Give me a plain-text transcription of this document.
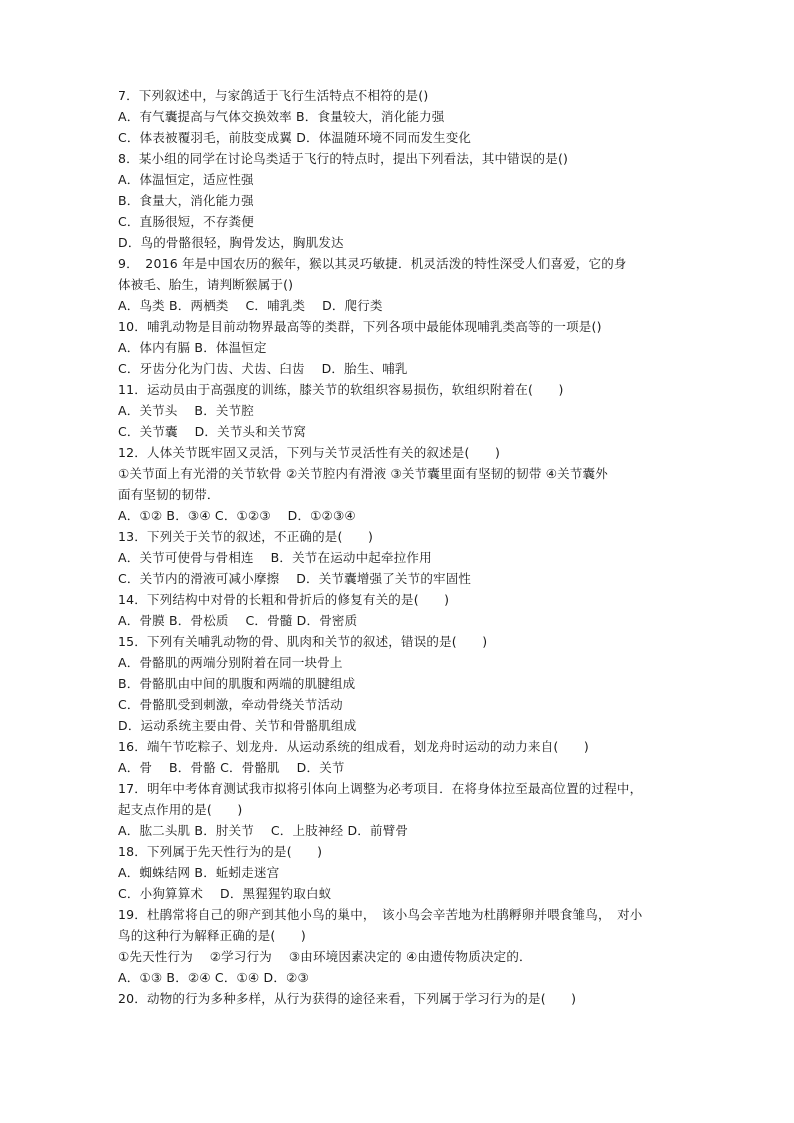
7．下列叙述中，与家鸽适于飞行生活特点不相符的是()
A．有气囊提高与气体交换效率 B．食量较大，消化能力强
C．体表被覆羽毛，前肢变成翼 D．体温随环境不同而发生变化
8．某小组的同学在讨论鸟类适于飞行的特点时，提出下列看法，其中错误的是()
A．体温恒定，适应性强
B．食量大，消化能力强
C．直肠很短，不存粪便
D．鸟的骨骼很轻，胸骨发达，胸肌发达
9．　2016 年是中国农历的猴年，猴以其灵巧敏捷．机灵活泼的特性深受人们喜爱，它的身
体被毛、胎生，请判断猴属于()
A．鸟类 B．两栖类　 C．哺乳类　 D．爬行类
10．哺乳动物是目前动物界最高等的类群，下列各项中最能体现哺乳类高等的一项是()
A．体内有膈 B．体温恒定
C．牙齿分化为门齿、犬齿、臼齿　 D．胎生、哺乳
11．运动员由于高强度的训练，膝关节的软组织容易损伤，软组织附着在(　　)
A．关节头　 B．关节腔
C．关节囊　 D．关节头和关节窝
12．人体关节既牢固又灵活，下列与关节灵活性有关的叙述是(　　)
①关节面上有光滑的关节软骨 ②关节腔内有滑液 ③关节囊里面有坚韧的韧带 ④关节囊外
面有坚韧的韧带．
A．①② B．③④ C．①②③　 D．①②③④
13．下列关于关节的叙述，不正确的是(　　)
A．关节可使骨与骨相连　 B．关节在运动中起牵拉作用
C．关节内的滑液可减小摩擦　 D．关节囊增强了关节的牢固性
14．下列结构中对骨的长粗和骨折后的修复有关的是(　　)
A．骨膜 B．骨松质　 C．骨髓 D．骨密质
15．下列有关哺乳动物的骨、肌肉和关节的叙述，错误的是(　　)
A．骨骼肌的两端分别附着在同一块骨上
B．骨骼肌由中间的肌腹和两端的肌腱组成
C．骨骼肌受到刺激，牵动骨绕关节活动
D．运动系统主要由骨、关节和骨骼肌组成
16．端午节吃粽子、划龙舟．从运动系统的组成看，划龙舟时运动的动力来自(　　)
A．骨　 B．骨骼 C．骨骼肌　 D．关节
17．明年中考体育测试我市拟将引体向上调整为必考项目．在将身体拉至最高位置的过程中，
起支点作用的是(　　)
A．肱二头肌 B．肘关节　 C．上肢神经 D．前臂骨
18．下列属于先天性行为的是(　　)
A．蜘蛛结网 B．蚯蚓走迷宫
C．小狗算算术　 D．黑猩猩钓取白蚁
19．杜鹃常将自己的卵产到其他小鸟的巢中，　该小鸟会辛苦地为杜鹃孵卵并喂食雏鸟，　对小
鸟的这种行为解释正确的是(　　)
①先天性行为　 ②学习行为　 ③由环境因素决定的 ④由遗传物质决定的．
A．①③ B．②④ C．①④ D．②③
20．动物的行为多种多样，从行为获得的途径来看，下列属于学习行为的是(　　)
